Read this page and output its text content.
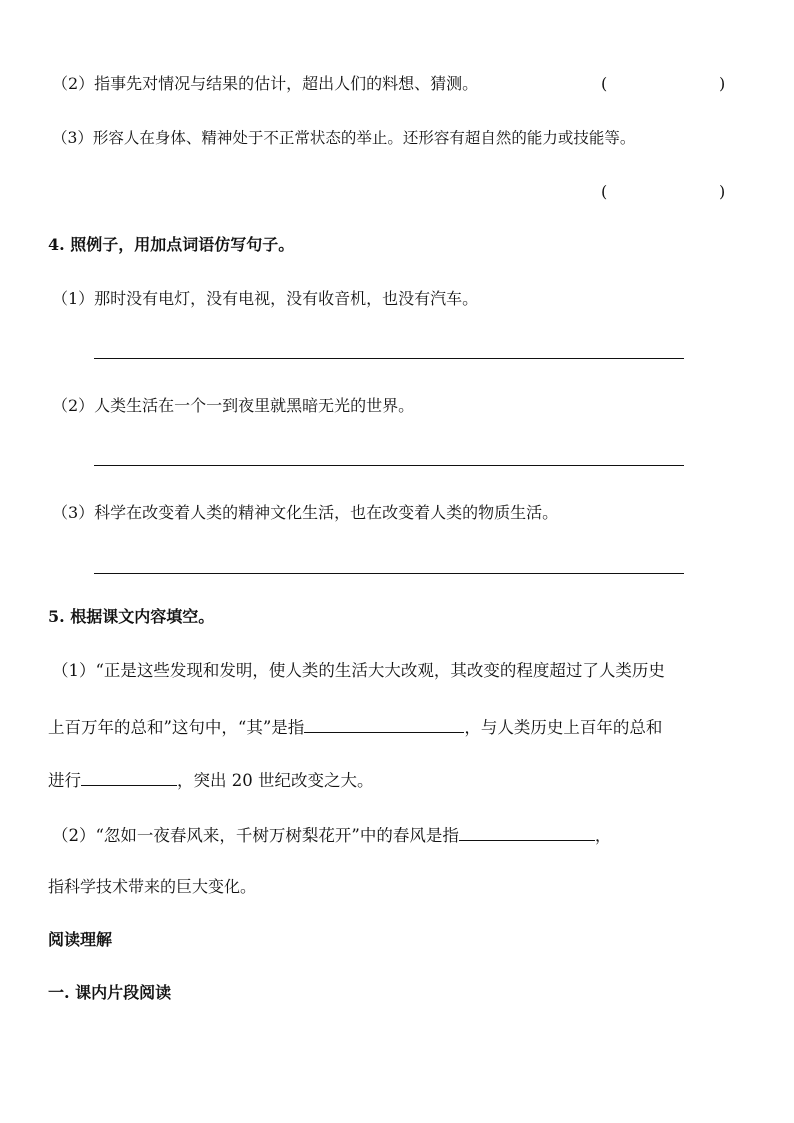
（2）指事先对情况与结果的估计，超出人们的料想、猜测。	(	)
（3）形容人在身体、精神处于不正常状态的举止。还形容有超自然的能力或技能等。
(	)
4. 照例子，用加点词语仿写句子。
（1）那时没有电灯，没有电视，没有收音机，也没有汽车。
（2）人类生活在一个一到夜里就黑暗无光的世界。
（3）科学在改变着人类的精神文化生活，也在改变着人类的物质生活。
5. 根据课文内容填空。
（1）“正是这些发现和发明，使人类的生活大大改观，其改变的程度超过了人类历史
上百万年的总和”这句中，“其”是指	，与人类历史上百年的总和
进行	，突出 20 世纪改变之大。
（2）“忽如一夜春风来，千树万树梨花开”中的春风是指	，
指科学技术带来的巨大变化。
阅读理解
一. 课内片段阅读
